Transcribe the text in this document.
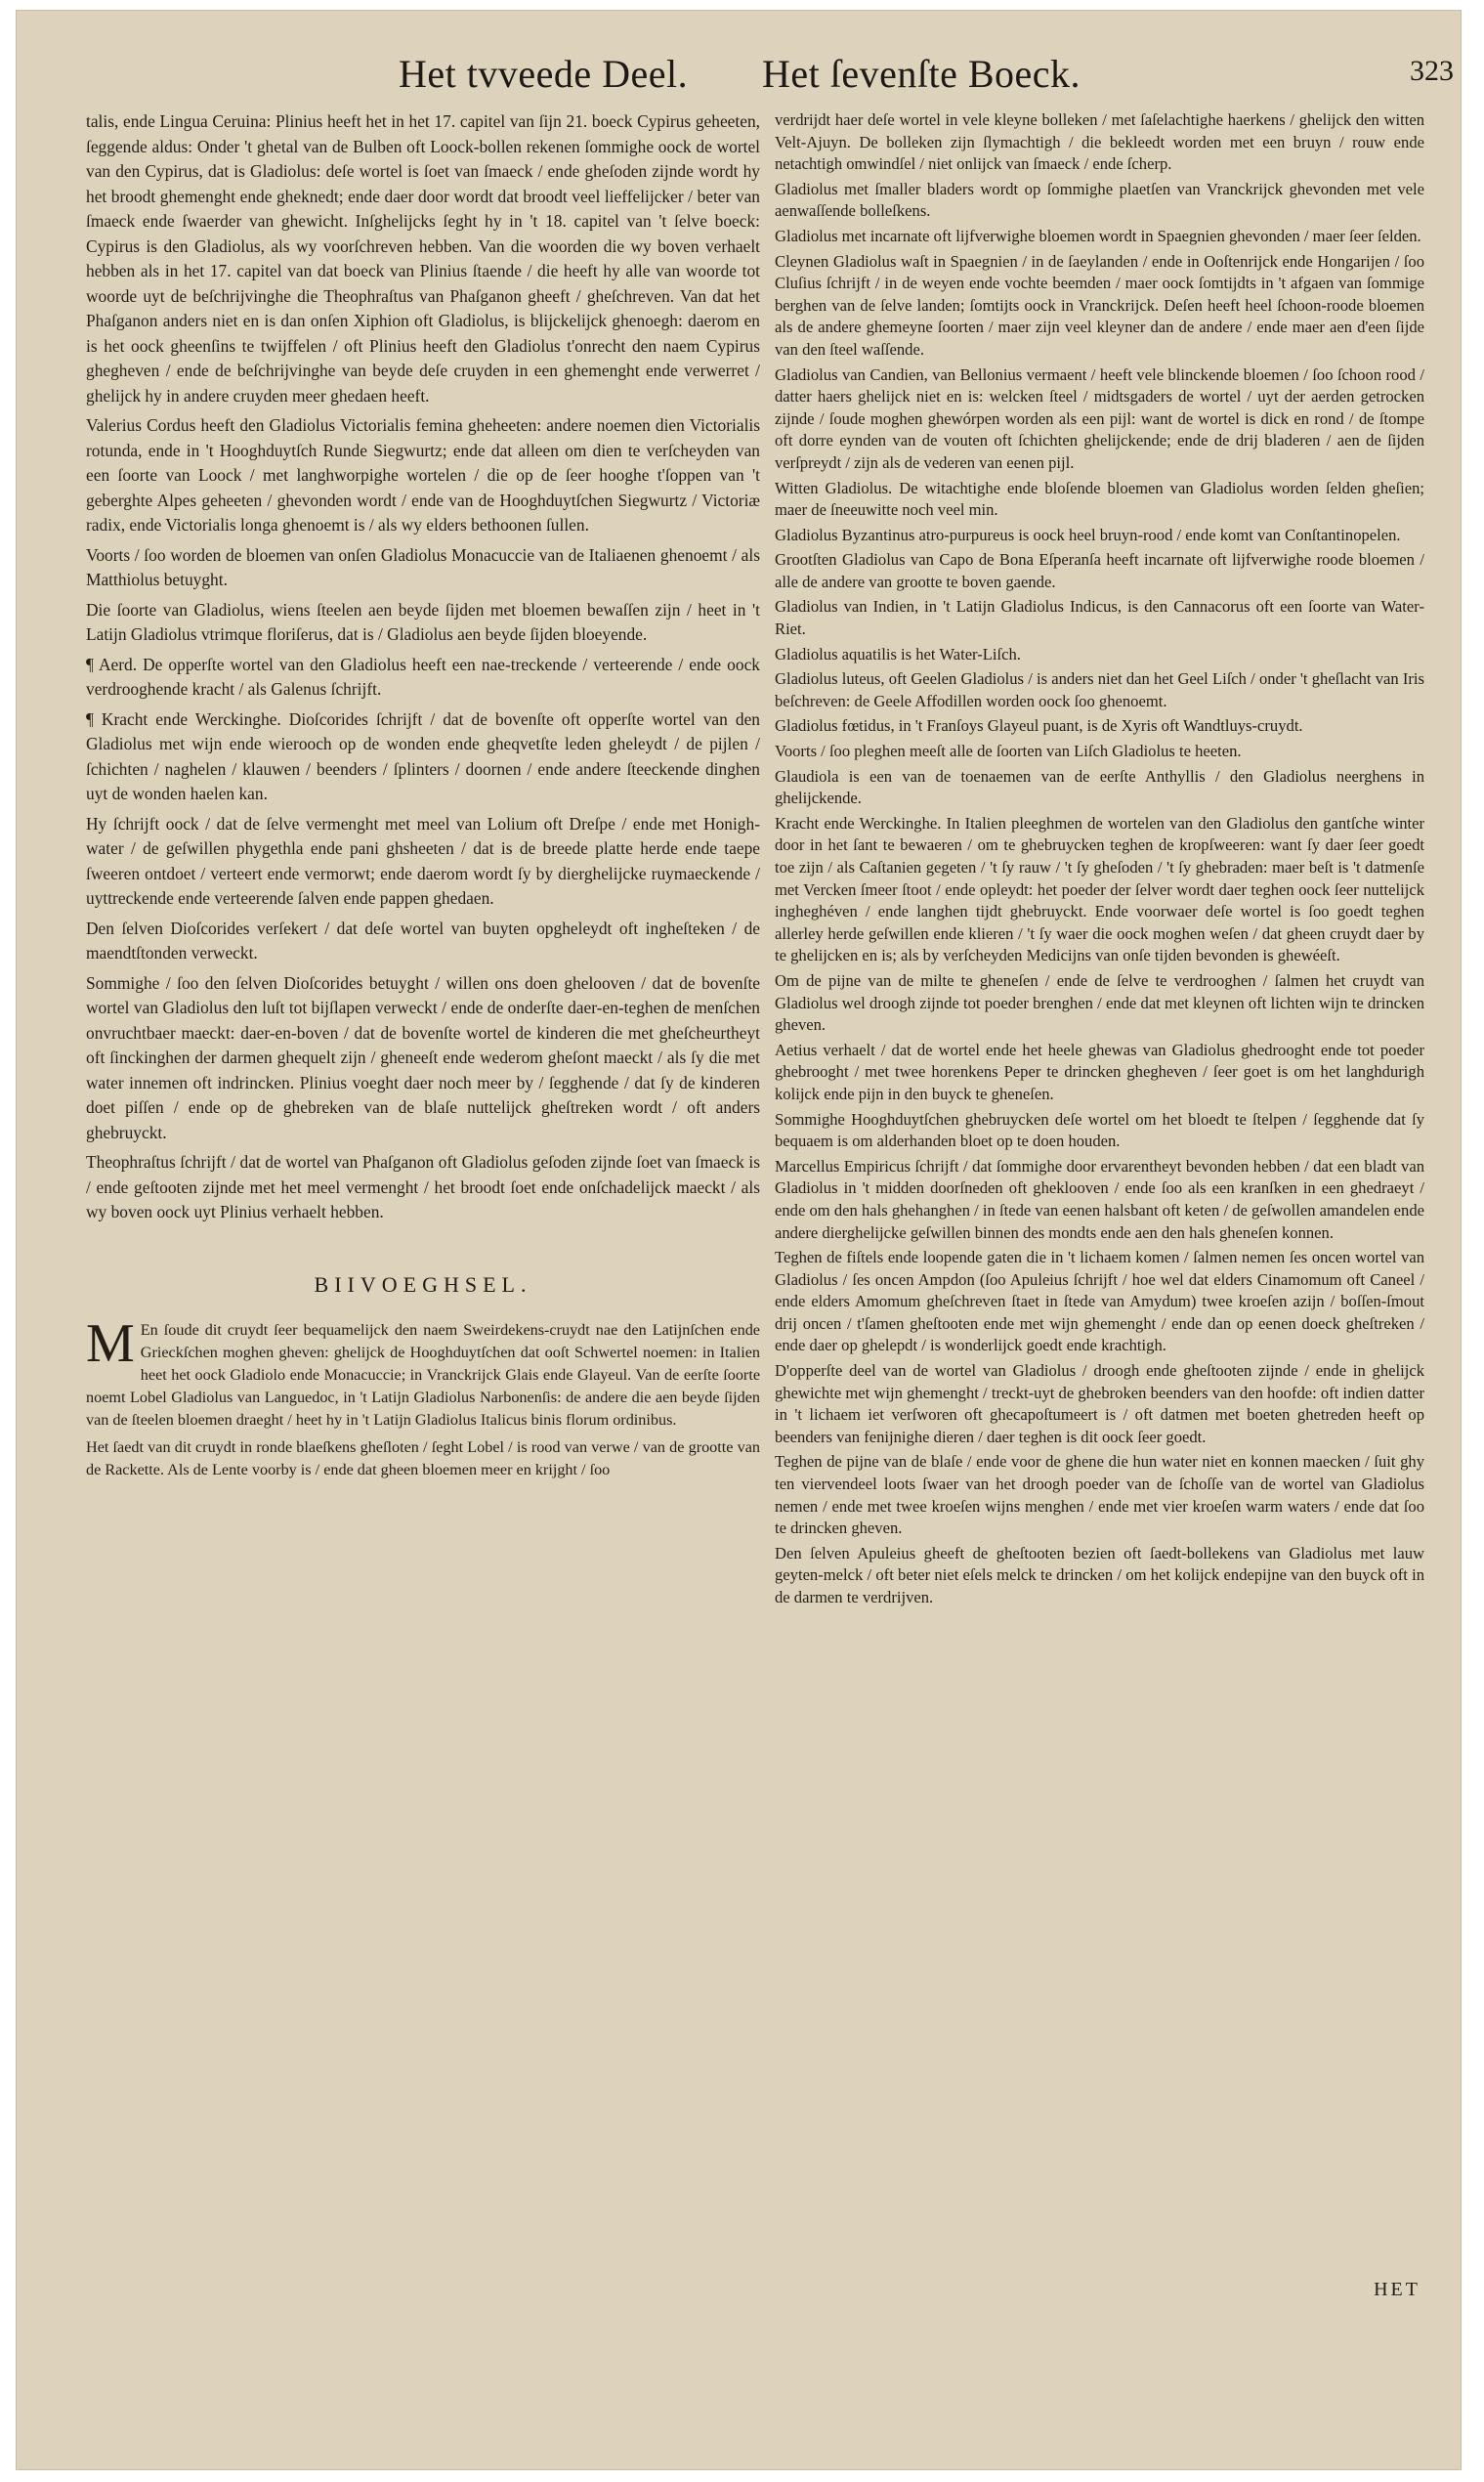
Het tvveede Deel. Het ſevenſte Boeck.	323

talis, ende Lingua Ceruina: Plinius heeft het in het 17. capitel van ſijn 21. boeck Cypirus geheeten, ſeggende aldus: Onder 't ghetal van de Bulben oft Loock-bollen rekenen ſommighe oock de wortel van den Cypirus, dat is Gladiolus: deſe wortel is ſoet van ſmaeck / ende gheſoden zijnde wordt hy het broodt ghemenght ende gheknedt; ende daer door wordt dat broodt veel lieffelijcker / beter van ſmaeck ende ſwaerder van ghewicht. Inſghelijcks ſeght hy in 't 18. capitel van 't ſelve boeck: Cypirus is den Gladiolus, als wy voorſchreven hebben. Van die woorden die wy boven verhaelt hebben als in het 17. capitel van dat boeck van Plinius ſtaende / die heeft hy alle van woorde tot woorde uyt de beſchrijvinghe die Theophraſtus van Phaſganon gheeft / gheſchreven. Van dat het Phaſganon anders niet en is dan onſen Xiphion oft Gladiolus, is blijckelijck ghenoegh: daerom en is het oock gheenſins te twijffelen / oft Plinius heeft den Gladiolus t'onrecht den naem Cypirus ghegheven / ende de beſchrijvinghe van beyde deſe cruyden in een ghemenght ende verwerret / ghelijck hy in andere cruyden meer ghedaen heeft.

Valerius Cordus heeft den Gladiolus Victorialis femina gheheeten: andere noemen dien Victorialis rotunda, ende in 't Hooghduytſch Runde Siegwurtz; ende dat alleen om dien te verſcheyden van een ſoorte van Loock / met langhworpighe wortelen / die op de ſeer hooghe t'ſoppen van 't geberghte Alpes geheeten / ghevonden wordt / ende van de Hooghduytſchen Siegwurtz / Victoriæ radix, ende Victorialis longa ghenoemt is / als wy elders bethoonen ſullen.

Voorts / ſoo worden de bloemen van onſen Gladiolus Monacuccie van de Italiaenen ghenoemt / als Matthiolus betuyght.

Die ſoorte van Gladiolus, wiens ſteelen aen beyde ſijden met bloemen bewaſſen zijn / heet in 't Latijn Gladiolus vtrimque floriſerus, dat is / Gladiolus aen beyde ſijden bloeyende.

¶ Aerd. De opperſte wortel van den Gladiolus heeft een nae-treckende / verteerende / ende oock verdrooghende kracht / als Galenus ſchrijft.

¶ Kracht ende Werckinghe. Dioſcorides ſchrijft / dat de bovenſte oft opperſte wortel van den Gladiolus met wijn ende wierooch op de wonden ende gheqvetſte leden gheleydt / de pijlen / ſchichten / naghelen / klauwen / beenders / ſplinters / doornen / ende andere ſteeckende dinghen uyt de wonden haelen kan.

Hy ſchrijft oock / dat de ſelve vermenght met meel van Lolium oft Dreſpe / ende met Honigh-water / de geſwillen phygethla ende pani ghsheeten / dat is de breede platte herde ende taepe ſweeren ontdoet / verteert ende vermorwt; ende daerom wordt ſy by dierghelijcke ruymaeckende / uyttreckende ende verteerende ſalven ende pappen ghedaen.

Den ſelven Dioſcorides verſekert / dat deſe wortel van buyten opgheleydt oft ingheſteken / de maendtſtonden verweckt.

Sommighe / ſoo den ſelven Dioſcorides betuyght / willen ons doen ghelooven / dat de bovenſte wortel van Gladiolus den luſt tot bijſlapen verweckt / ende de onderſte daer-en-teghen de menſchen onvruchtbaer maeckt: daer-en-boven / dat de bovenſte wortel de kinderen die met gheſcheurtheyt oft ſinckinghen der darmen ghequelt zijn / gheneeſt ende wederom gheſont maeckt / als ſy die met water innemen oft indrincken. Plinius voeght daer noch meer by / ſegghende / dat ſy de kinderen doet piſſen / ende op de ghebreken van de blaſe nuttelijck gheſtreken wordt / oft anders ghebruyckt.

Theophraſtus ſchrijft / dat de wortel van Phaſganon oft Gladiolus geſoden zijnde ſoet van ſmaeck is / ende geſtooten zijnde met het meel vermenght / het broodt ſoet ende onſchadelijck maeckt / als wy boven oock uyt Plinius verhaelt hebben.

BIIVOEGHSEL.

M En ſoude dit cruydt ſeer bequamelijck den naem Sweirdekens-cruydt nae den Latijnſchen ende Grieckſchen moghen gheven: ghelijck de Hooghduytſchen dat ooſt Schwertel noemen: in Italien heet het oock Gladiolo ende Monacuccie; in Vranckrijck Glais ende Glayeul. Van de eerſte ſoorte noemt Lobel Gladiolus van Languedoc, in 't Latijn Gladiolus Narbonenſis: de andere die aen beyde ſijden van de ſteelen bloemen draeght / heet hy in 't Latijn Gladiolus Italicus binis florum ordinibus.

Het ſaedt van dit cruydt in ronde blaeſkens gheſloten / ſeght Lobel / is rood van verwe / van de grootte van de Rackette. Als de Lente voorby is / ende dat gheen bloemen meer en krijght / ſoo

verdrijdt haer deſe wortel in vele kleyne bolleken / met ſaſelachtighe haerkens / ghelijck den witten Velt-Ajuyn. De bolleken zijn ſlymachtigh / die bekleedt worden met een bruyn / rouw ende netachtigh omwindſel / niet onlijck van ſmaeck / ende ſcherp.

Gladiolus met ſmaller bladers wordt op ſommighe plaetſen van Vranckrijck ghevonden met vele aenwaſſende bolleſkens.

Gladiolus met incarnate oft lijfverwighe bloemen wordt in Spaegnien ghevonden / maer ſeer ſelden.

Cleynen Gladiolus waſt in Spaegnien / in de ſaeylanden / ende in Ooſtenrijck ende Hongarijen / ſoo Cluſius ſchrijft / in de weyen ende vochte beemden / maer oock ſomtijdts in 't afgaen van ſommige berghen van de ſelve landen; ſomtijts oock in Vranckrijck. Deſen heeft heel ſchoon-roode bloemen als de andere ghemeyne ſoorten / maer zijn veel kleyner dan de andere / ende maer aen d'een ſijde van den ſteel waſſende.

Gladiolus van Candien, van Bellonius vermaent / heeft vele blinckende bloemen / ſoo ſchoon rood / datter haers ghelijck niet en is: welcken ſteel / midtsgaders de wortel / uyt der aerden getrocken zijnde / ſoude moghen ghewórpen worden als een pijl: want de wortel is dick en rond / de ſtompe oft dorre eynden van de vouten oft ſchichten ghelijckende; ende de drij bladeren / aen de ſijden verſpreydt / zijn als de vederen van eenen pijl.

Witten Gladiolus. De witachtighe ende bloſende bloemen van Gladiolus worden ſelden gheſien; maer de ſneeuwitte noch veel min.

Gladiolus Byzantinus atro-purpureus is oock heel bruyn-rood / ende komt van Conſtantinopelen.

Grootſten Gladiolus van Capo de Bona Eſperanſa heeft incarnate oft lijfverwighe roode bloemen / alle de andere van grootte te boven gaende.

Gladiolus van Indien, in 't Latijn Gladiolus Indicus, is den Cannacorus oft een ſoorte van Water-Riet.

Gladiolus aquatilis is het Water-Liſch.

Gladiolus luteus, oft Geelen Gladiolus / is anders niet dan het Geel Liſch / onder 't gheſlacht van Iris beſchreven: de Geele Affodillen worden oock ſoo ghenoemt.

Gladiolus fœtidus, in 't Franſoys Glayeul puant, is de Xyris oft Wandtluys-cruydt.

Voorts / ſoo pleghen meeſt alle de ſoorten van Liſch Gladiolus te heeten.

Glaudiola is een van de toenaemen van de eerſte Anthyllis / den Gladiolus neerghens in ghelijckende.

Kracht ende Werckinghe. In Italien pleeghmen de wortelen van den Gladiolus den gantſche winter door in het ſant te bewaeren / om te ghebruycken teghen de kropſweeren: want ſy daer ſeer goedt toe zijn / als Caſtanien gegeten / 't ſy rauw / 't ſy gheſoden / 't ſy ghebraden: maer beſt is 't datmenſe met Vercken ſmeer ſtoot / ende opleydt: het poeder der ſelver wordt daer teghen oock ſeer nuttelijck ingheghéven / ende langhen tijdt ghebruyckt. Ende voorwaer deſe wortel is ſoo goedt teghen allerley herde geſwillen ende klieren / 't ſy waer die oock moghen weſen / dat gheen cruydt daer by te ghelijcken en is; als by verſcheyden Medicijns van onſe tijden bevonden is ghewéeſt.

Om de pijne van de milte te gheneſen / ende de ſelve te verdrooghen / ſalmen het cruydt van Gladiolus wel droogh zijnde tot poeder brenghen / ende dat met kleynen oft lichten wijn te drincken gheven.

Aetius verhaelt / dat de wortel ende het heele ghewas van Gladiolus ghedrooght ende tot poeder ghebrooght / met twee horenkens Peper te drincken ghegheven / ſeer goet is om het langhdurigh kolijck ende pijn in den buyck te gheneſen.

Sommighe Hooghduytſchen ghebruycken deſe wortel om het bloedt te ſtelpen / ſegghende dat ſy bequaem is om alderhanden bloet op te doen houden.

Marcellus Empiricus ſchrijft / dat ſommighe door ervarentheyt bevonden hebben / dat een bladt van Gladiolus in 't midden doorſneden oft gheklooven / ende ſoo als een kranſken in een ghedraeyt / ende om den hals ghehanghen / in ſtede van eenen halsbant oft keten / de geſwollen amandelen ende andere dierghelijcke geſwillen binnen des mondts ende aen den hals gheneſen konnen.

Teghen de fiſtels ende loopende gaten die in 't lichaem komen / ſalmen nemen ſes oncen wortel van Gladiolus / ſes oncen Ampdon (ſoo Apuleius ſchrijft / hoe wel dat elders Cinamomum oft Caneel / ende elders Amomum gheſchreven ſtaet in ſtede van Amydum) twee kroeſen azijn / boſſen-ſmout drij oncen / t'ſamen gheſtooten ende met wijn ghemenght / ende dan op eenen doeck gheſtreken / ende daer op ghelepdt / is wonderlijck goedt ende krachtigh.

D'opperſte deel van de wortel van Gladiolus / droogh ende gheſtooten zijnde / ende in ghelijck ghewichte met wijn ghemenght / treckt-uyt de ghebroken beenders van den hoofde: oft indien datter in 't lichaem iet verſworen oft ghecapoſtumeert is / oft datmen met boeten ghetreden heeft op beenders van fenijnighe dieren / daer teghen is dit oock ſeer goedt.

Teghen de pijne van de blaſe / ende voor de ghene die hun water niet en konnen maecken / ſuit ghy ten viervendeel loots ſwaer van het droogh poeder van de ſchoſſe van de wortel van Gladiolus nemen / ende met twee kroeſen wijns menghen / ende met vier kroeſen warm waters / ende dat ſoo te drincken gheven.

Den ſelven Apuleius gheeft de gheſtooten bezien oft ſaedt-bollekens van Gladiolus met lauw geyten-melck / oft beter niet eſels melck te drincken / om het kolijck endepijne van den buyck oft in de darmen te verdrijven.

HET
